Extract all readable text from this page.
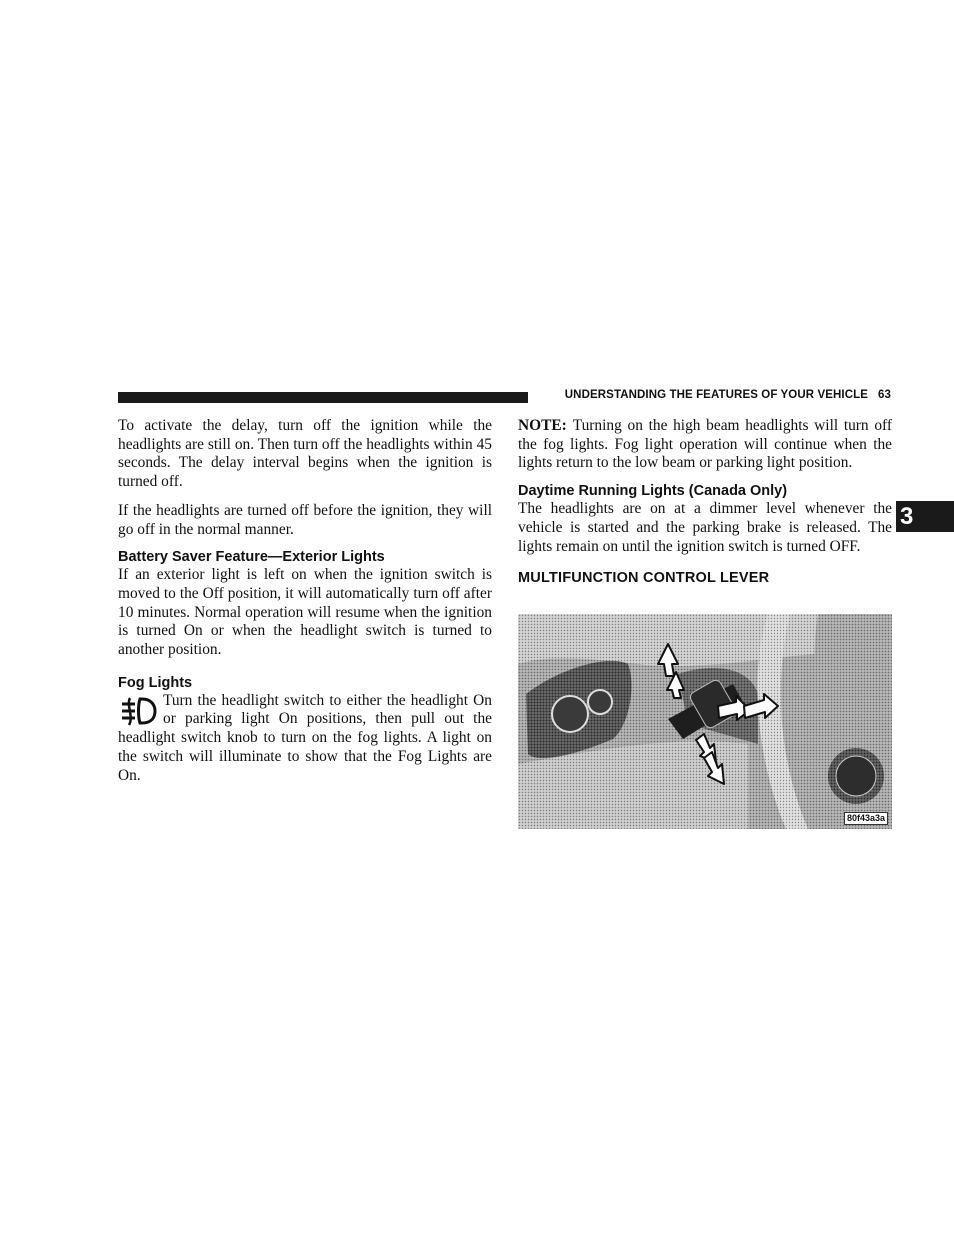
UNDERSTANDING THE FEATURES OF YOUR VEHICLE 63
3

To activate the delay, turn off the ignition while the headlights are still on. Then turn off the headlights within 45 seconds. The delay interval begins when the ignition is turned off.

If the headlights are turned off before the ignition, they will go off in the normal manner.

Battery Saver Feature—Exterior Lights

If an exterior light is left on when the ignition switch is moved to the Off position, it will automatically turn off after 10 minutes. Normal operation will resume when the ignition is turned On or when the headlight switch is turned to another position.

Fog Lights

Turn the headlight switch to either the headlight On or parking light On positions, then pull out the headlight switch knob to turn on the fog lights. A light on the switch will illuminate to show that the Fog Lights are On.

NOTE: Turning on the high beam headlights will turn off the fog lights. Fog light operation will continue when the lights return to the low beam or parking light position.

Daytime Running Lights (Canada Only)

The headlights are on at a dimmer level whenever the vehicle is started and the parking brake is released. The lights remain on until the ignition switch is turned OFF.

MULTIFUNCTION CONTROL LEVER
80f43a3a
